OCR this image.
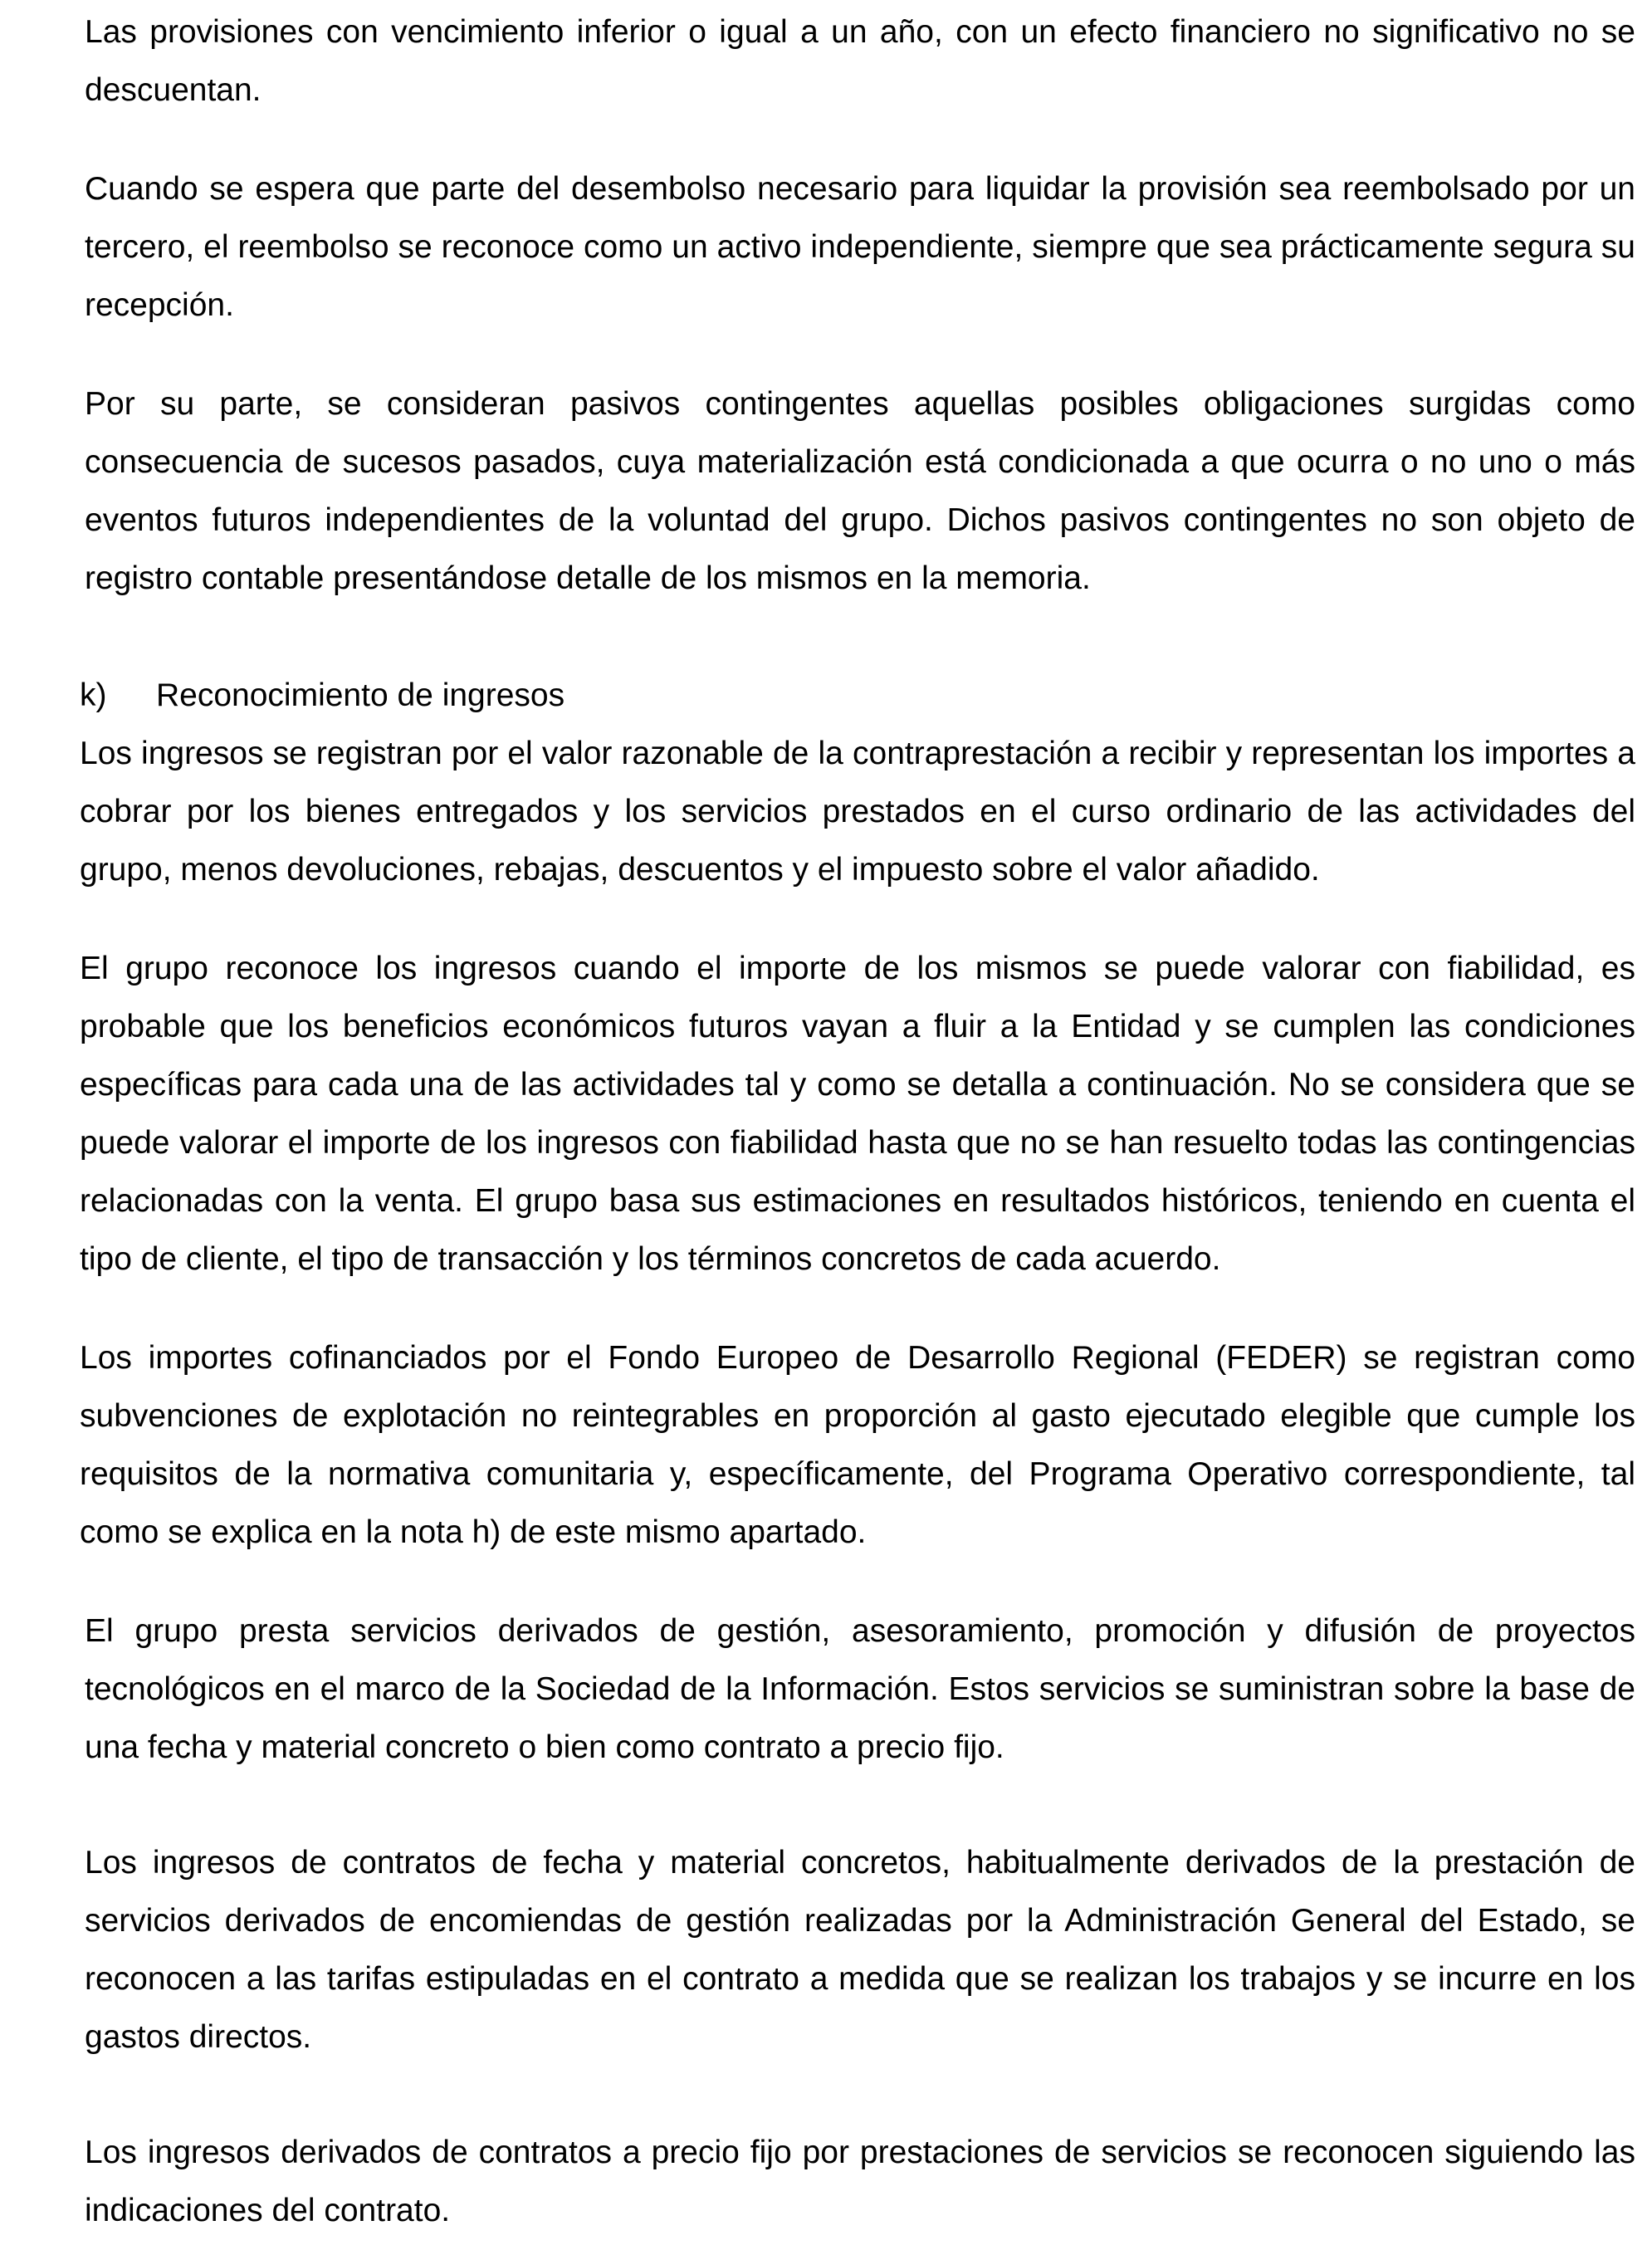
Las provisiones con vencimiento inferior o igual a un año, con un efecto financiero no significativo no se descuentan.

Cuando se espera que parte del desembolso necesario para liquidar la provisión sea reembolsado por un tercero, el reembolso se reconoce como un activo independiente, siempre que sea prácticamente segura su recepción.

Por su parte, se consideran pasivos contingentes aquellas posibles obligaciones surgidas como consecuencia de sucesos pasados, cuya materialización está condicionada a que ocurra o no uno o más eventos futuros independientes de la voluntad del grupo. Dichos pasivos contingentes no son objeto de registro contable presentándose detalle de los mismos en la memoria.

k) Reconocimiento de ingresos

Los ingresos se registran por el valor razonable de la contraprestación a recibir y representan los importes a cobrar por los bienes entregados y los servicios prestados en el curso ordinario de las actividades del grupo, menos devoluciones, rebajas, descuentos y el impuesto sobre el valor añadido.

El grupo reconoce los ingresos cuando el importe de los mismos se puede valorar con fiabilidad, es probable que los beneficios económicos futuros vayan a fluir a la Entidad y se cumplen las condiciones específicas para cada una de las actividades tal y como se detalla a continuación. No se considera que se puede valorar el importe de los ingresos con fiabilidad hasta que no se han resuelto todas las contingencias relacionadas con la venta. El grupo basa sus estimaciones en resultados históricos, teniendo en cuenta el tipo de cliente, el tipo de transacción y los términos concretos de cada acuerdo.

Los importes cofinanciados por el Fondo Europeo de Desarrollo Regional (FEDER) se registran como subvenciones de explotación no reintegrables en proporción al gasto ejecutado elegible que cumple los requisitos de la normativa comunitaria y, específicamente, del Programa Operativo correspondiente, tal como se explica en la nota h) de este mismo apartado.

El grupo presta servicios derivados de gestión, asesoramiento, promoción y difusión de proyectos tecnológicos en el marco de la Sociedad de la Información. Estos servicios se suministran sobre la base de una fecha y material concreto o bien como contrato a precio fijo.

Los ingresos de contratos de fecha y material concretos, habitualmente derivados de la prestación de servicios derivados de encomiendas de gestión realizadas por la Administración General del Estado, se reconocen a las tarifas estipuladas en el contrato a medida que se realizan los trabajos y se incurre en los gastos directos.

Los ingresos derivados de contratos a precio fijo por prestaciones de servicios se reconocen siguiendo las indicaciones del contrato.
